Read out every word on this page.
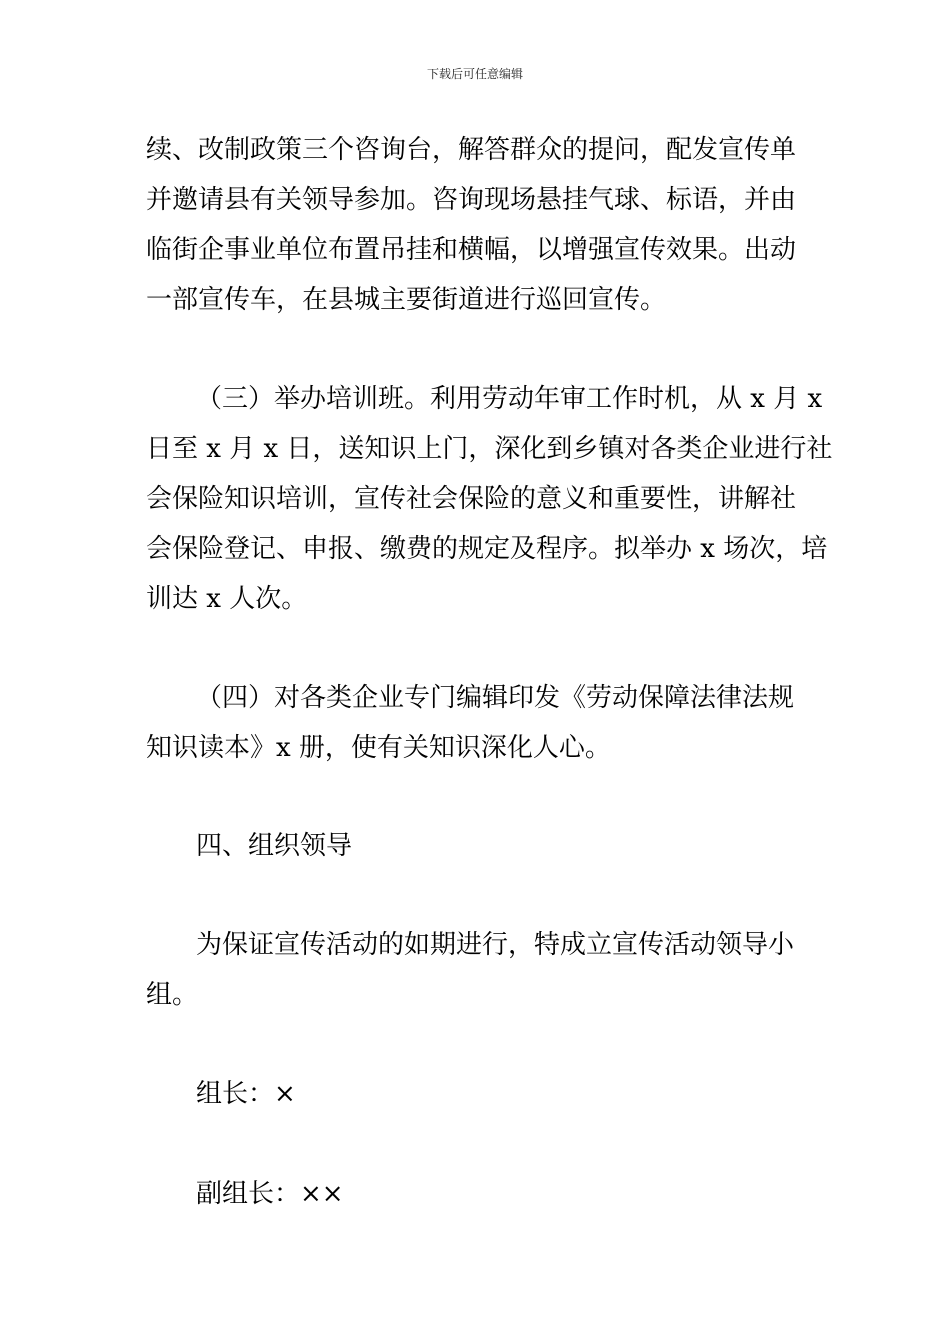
下载后可任意编辑
续、改制政策三个咨询台，解答群众的提问，配发宣传单
并邀请县有关领导参加。咨询现场悬挂气球、标语，并由
临街企事业单位布置吊挂和横幅，以增强宣传效果。出动
一部宣传车，在县城主要街道进行巡回宣传。
（三）举办培训班。利用劳动年审工作时机，从 x 月 x
日至 x 月 x 日，送知识上门，深化到乡镇对各类企业进行社
会保险知识培训，宣传社会保险的意义和重要性，讲解社
会保险登记、申报、缴费的规定及程序。拟举办 x 场次，培
训达 x 人次。
（四）对各类企业专门编辑印发《劳动保障法律法规
知识读本》x 册，使有关知识深化人心。
四、组织领导
为保证宣传活动的如期进行，特成立宣传活动领导小
组。
组长：×
副组长：××
